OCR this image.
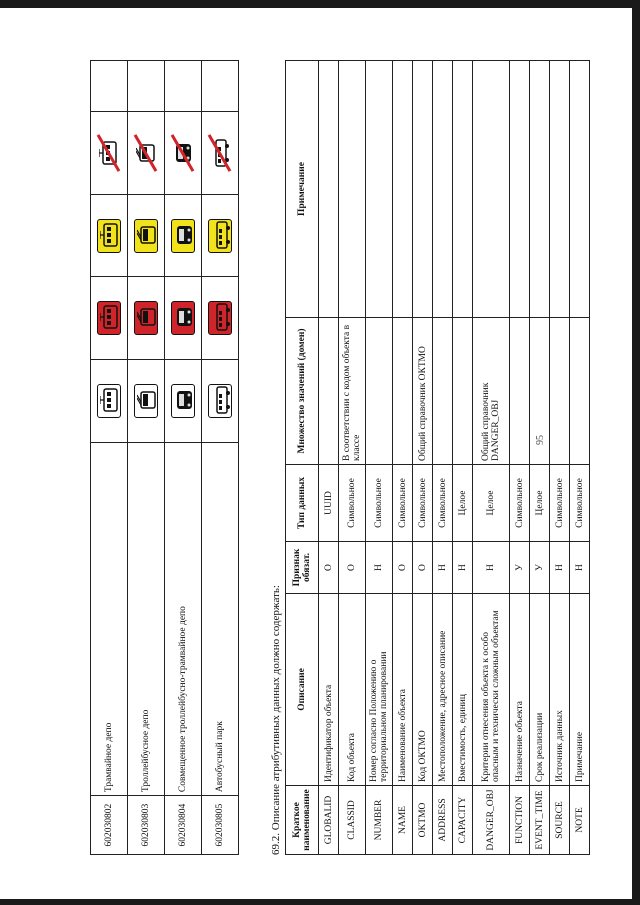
602030802	Трамвайное депо	

602030803	Троллейбусное депо	

602030804	Совмещенное троллейбусно-трамвайное депо	

602030805	Автобусный парк	

		69.2. Описание атрибутивных данных должно содержать: Краткое наименование	Описание	Признак обязат.	Тип данных	Множество значений (домен)	Примечание
GLOBALID	Идентификатор объекта	О	UUID		
CLASSID	Код объекта	О	Символьное	В соответствии с кодом объекта в классе	
NUMBER	Номер согласно Положению о территориальном планировании	Н	Символьное		
NAME	Наименование объекта	О	Символьное		
OKTMO	Код ОКТМО	О	Символьное	Общий справочник ОКТМО	
ADDRESS	Местоположение, адресное описание	Н	Символьное		
CAPACITY	Вместимость, единиц	Н	Целое		
DANGER_OBJ	Критерии отнесения объекта к особо опасным и технически сложным объектам	Н	Целое	Общий справочник DANGER_OBJ	
FUNCTION	Назначение объекта	У	Символьное		
EVENT_TIME	Срок реализации	У	Целое		
SOURCE	Источник данных	Н	Символьное		
NOTE	Примечание	Н	Символьное		
95
